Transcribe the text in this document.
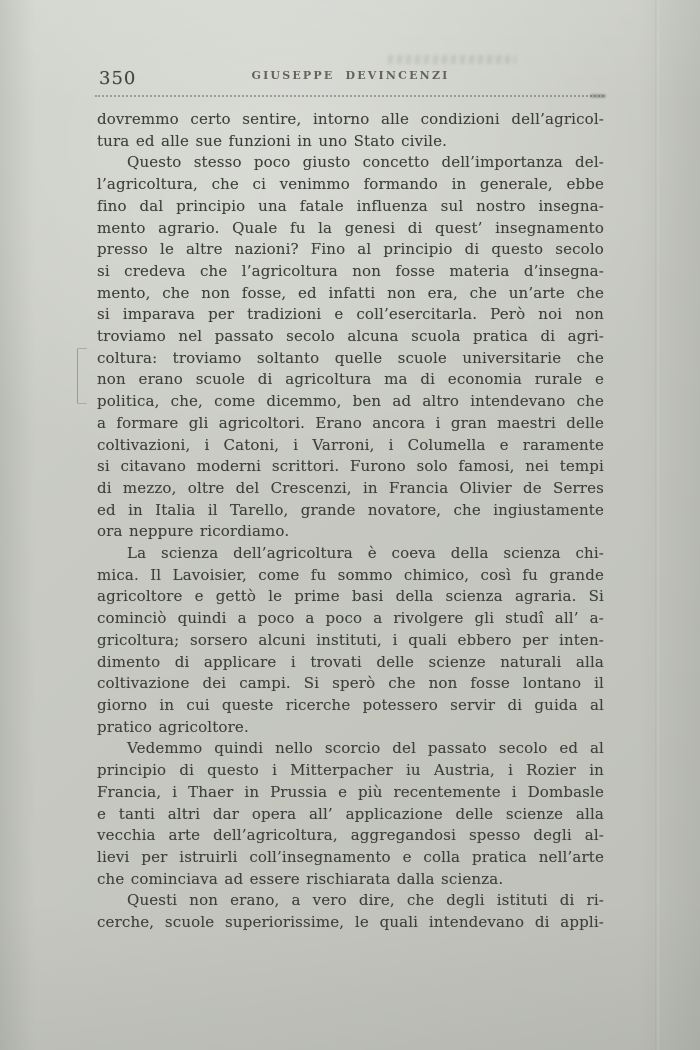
350	GIUSEPPE DEVINCENZI
dovremmo certo sentire, intorno alle condizioni dell’agricol-
tura ed alle sue funzioni in uno Stato civile.
Questo stesso poco giusto concetto dell’importanza del-
l’agricoltura, che ci venimmo formando in generale, ebbe
fino dal principio una fatale influenza sul nostro insegna-
mento agrario. Quale fu la genesi di quest’ insegnamento
presso le altre nazioni? Fino al principio di questo secolo
si credeva che l’agricoltura non fosse materia d’insegna-
mento, che non fosse, ed infatti non era, che un’arte che
si imparava per tradizioni e coll’esercitarla. Però noi non
troviamo nel passato secolo alcuna scuola pratica di agri-
coltura: troviamo soltanto quelle scuole universitarie che
non erano scuole di agricoltura ma di economia rurale e
politica, che, come dicemmo, ben ad altro intendevano che
a formare gli agricoltori. Erano ancora i gran maestri delle
coltivazioni, i Catoni, i Varroni, i Columella e raramente
si citavano moderni scrittori. Furono solo famosi, nei tempi
di mezzo, oltre del Crescenzi, in Francia Olivier de Serres
ed in Italia il Tarello, grande novatore, che ingiustamente
ora neppure ricordiamo.
La scienza dell’agricoltura è coeva della scienza chi-
mica. Il Lavoisier, come fu sommo chimico, così fu grande
agricoltore e gettò le prime basi della scienza agraria. Si
cominciò quindi a poco a poco a rivolgere gli studî all’ a-
gricoltura; sorsero alcuni instituti, i quali ebbero per inten-
dimento di applicare i trovati delle scienze naturali alla
coltivazione dei campi. Si sperò che non fosse lontano il
giorno in cui queste ricerche potessero servir di guida al
pratico agricoltore.
Vedemmo quindi nello scorcio del passato secolo ed al
principio di questo i Mitterpacher iu Austria, i Rozier in
Francia, i Thaer in Prussia e più recentemente i Dombasle
e tanti altri dar opera all’ applicazione delle scienze alla
vecchia arte dell’agricoltura, aggregandosi spesso degli al-
lievi per istruirli coll’insegnamento e colla pratica nell’arte
che cominciava ad essere rischiarata dalla scienza.
Questi non erano, a vero dire, che degli istituti di ri-
cerche, scuole superiorissime, le quali intendevano di appli-
